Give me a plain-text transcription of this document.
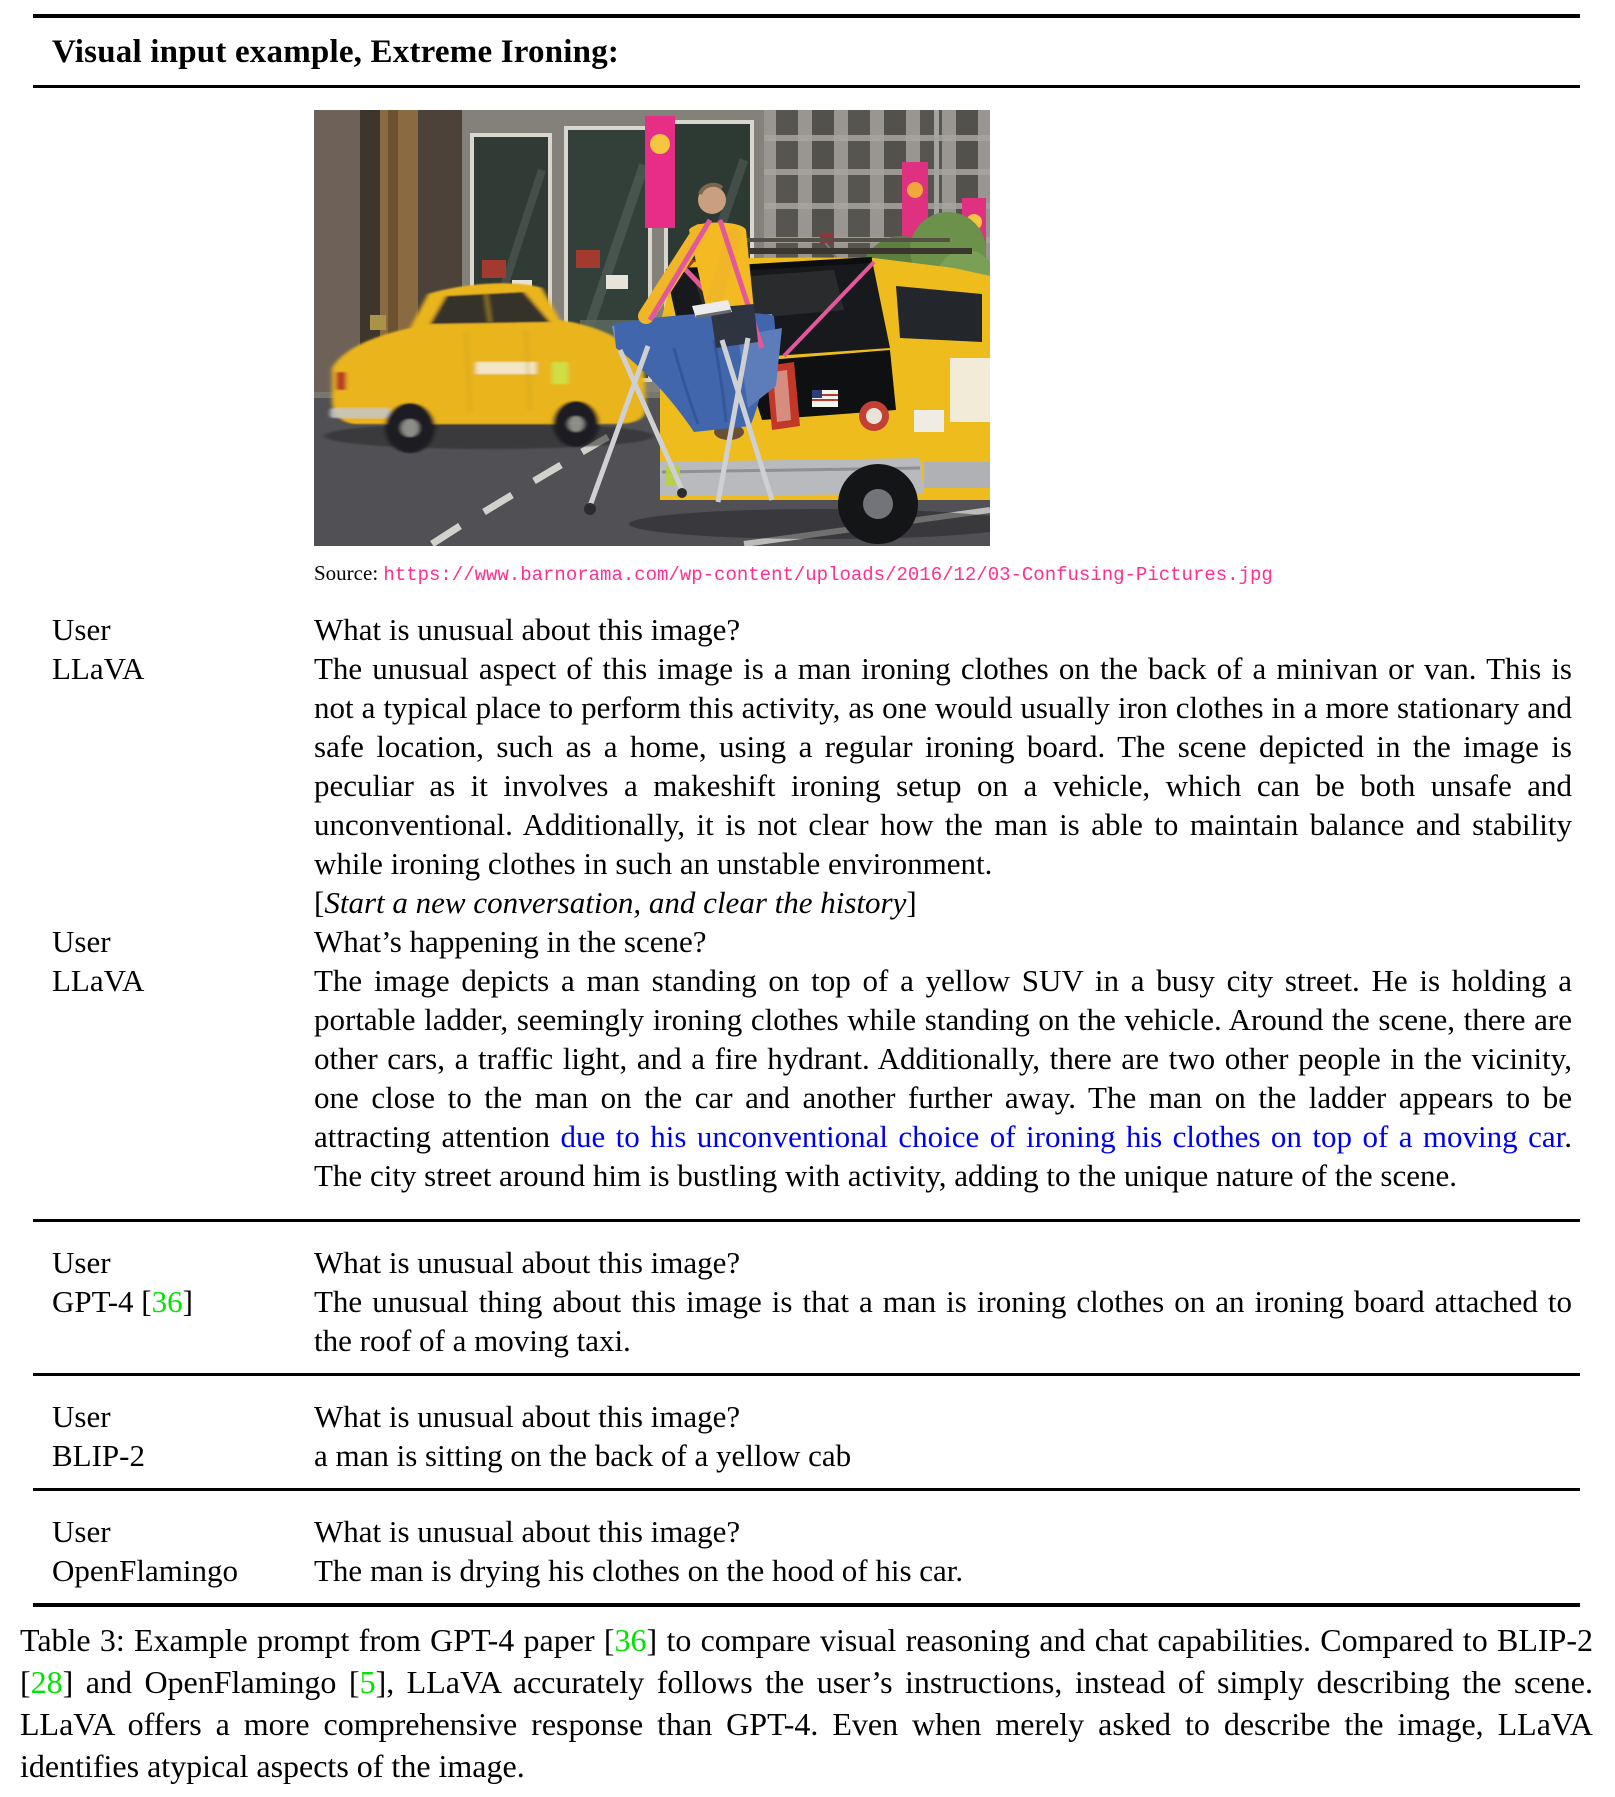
Visual input example, Extreme Ironing:
Source: https://www.barnorama.com/wp-content/uploads/2016/12/03-Confusing-Pictures.jpg
User	What is unusual about this image?
LLaVA	The unusual aspect of this image is a man ironing clothes on the back of a minivan or van. This is not a typical place to perform this activity, as one would usually iron clothes in a more stationary and safe location, such as a home, using a regular ironing board. The scene depicted in the image is peculiar as it involves a makeshift ironing setup on a vehicle, which can be both unsafe and unconventional. Additionally, it is not clear how the man is able to maintain balance and stability while ironing clothes in such an unstable environment.
[Start a new conversation, and clear the history]
User	What’s happening in the scene?
LLaVA	The image depicts a man standing on top of a yellow SUV in a busy city street. He is holding a portable ladder, seemingly ironing clothes while standing on the vehicle. Around the scene, there are other cars, a traffic light, and a fire hydrant. Additionally, there are two other people in the vicinity, one close to the man on the car and another further away. The man on the ladder appears to be attracting attention due to his unconventional choice of ironing his clothes on top of a moving car. The city street around him is bustling with activity, adding to the unique nature of the scene.
User	What is unusual about this image?
GPT-4 [36]	The unusual thing about this image is that a man is ironing clothes on an ironing board attached to the roof of a moving taxi.
User	What is unusual about this image?
BLIP-2	a man is sitting on the back of a yellow cab
User	What is unusual about this image?
OpenFlamingo	The man is drying his clothes on the hood of his car.
Table 3: Example prompt from GPT-4 paper [36] to compare visual reasoning and chat capabilities. Compared to BLIP-2 [28] and OpenFlamingo [5], LLaVA accurately follows the user’s instructions, instead of simply describing the scene. LLaVA offers a more comprehensive response than GPT-4. Even when merely asked to describe the image, LLaVA identifies atypical aspects of the image.
